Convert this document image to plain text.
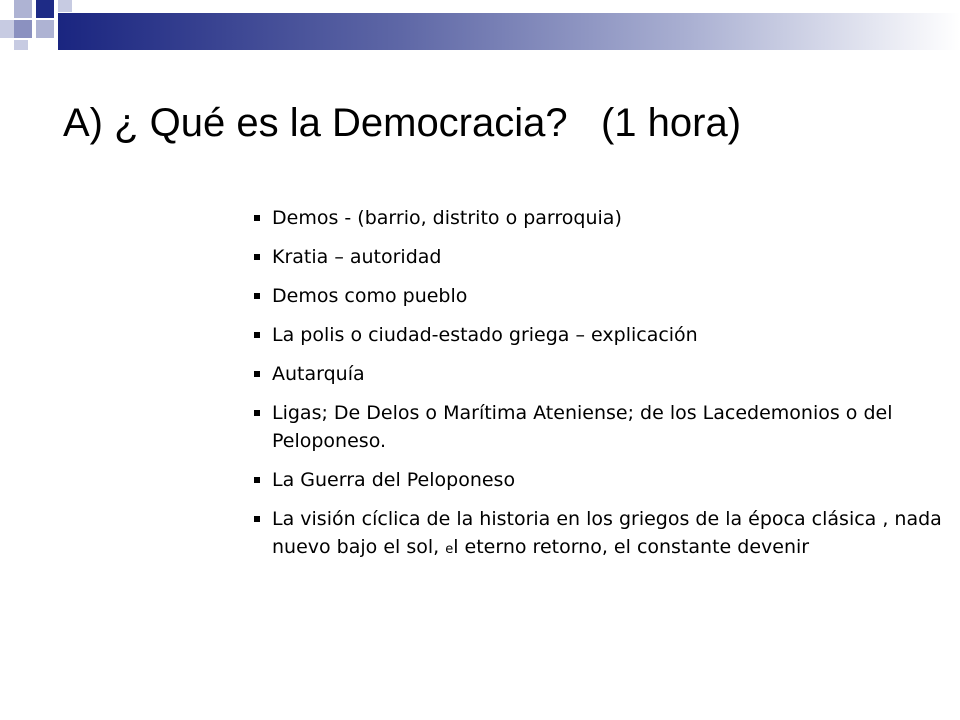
A) ¿ Qué es la Democracia?   (1 hora)
Demos - (barrio, distrito o parroquia)
Kratia – autoridad
Demos como pueblo
La polis o ciudad-estado griega – explicación
Autarquía
Ligas; De Delos o Marítima Ateniense; de los Lacedemonios o del Peloponeso.
La Guerra del Peloponeso
La visión cíclica de la historia en los griegos de la época clásica , nada nuevo bajo el sol, el eterno retorno, el constante devenir
